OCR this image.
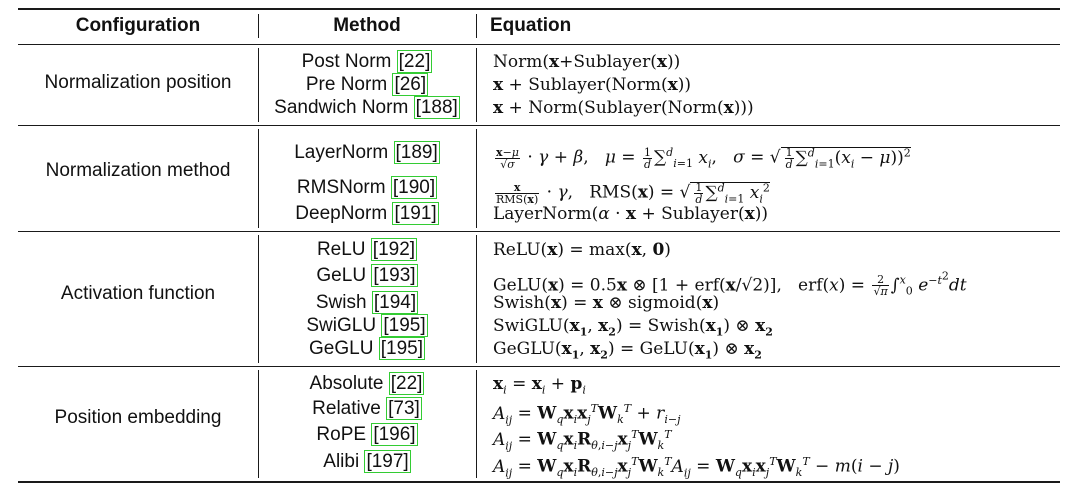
Configuration	Method	Equation
Normalization position
Post Norm [22]
Pre Norm [26]
Sandwich Norm [188]
Norm(x+Sublayer(x))
x + Sublayer(Norm(x))
x + Norm(Sublayer(Norm(x)))
Normalization method
LayerNorm [189]
RMSNorm [190]
DeepNorm [191]
$\frac{x-\mu}{√\sigma} \cdot \gamma + \beta$,   $\mu = \frac{1}{d} \sum^d_{i=1}$ $x_i$,   σ = √ $\frac{1}{d} \sum^d_{i=1}(x_i - \mu))^2$
$\frac{x}{\text{RMS(x)}} \cdot \gamma$,   RMS(x) = √ $\frac{1}{d} \sum^d_{i=1}$ $x_i^2$
LayerNorm(α · x + Sublayer(x))
Activation function
ReLU [192]
GeLU [193]
Swish [194]
SwiGLU [195]
GeGLU [195]
ReLU(x) = max(x, 0)
GeLU(x) = 0.5x ⊗ [1 + erf(x/√2)],   $erf(x) = \frac{2}{√\pi} \int^x_0$ $e^{-t^2}dt$
Swish(x) = x ⊗ sigmoid(x)
$SwiGLU(x_1$, $x_2$) = $Swish(x_1)$ ⊗ $x_2$
$GeGLU(x_1$, $x_2$) = $GeLU(x_1)$ ⊗ $x_2$
Position embedding
Absolute [22]
Relative [73]
RoPE [196]
Alibi [197]
$x_i = x_i + p_i$
$A_{ij} = W_qx_ix_j^TW_k^T + r_{i-j}$
$A_{ij} = W_qx_iR_{\theta,i-j}x_j^TW_k^T$
$A_{ij} = W_qx_iR_{\theta,i-j}x_j^TW_k^TA_{ij} = W_qx_ix_j^TW_k^T - m(i - j)$
